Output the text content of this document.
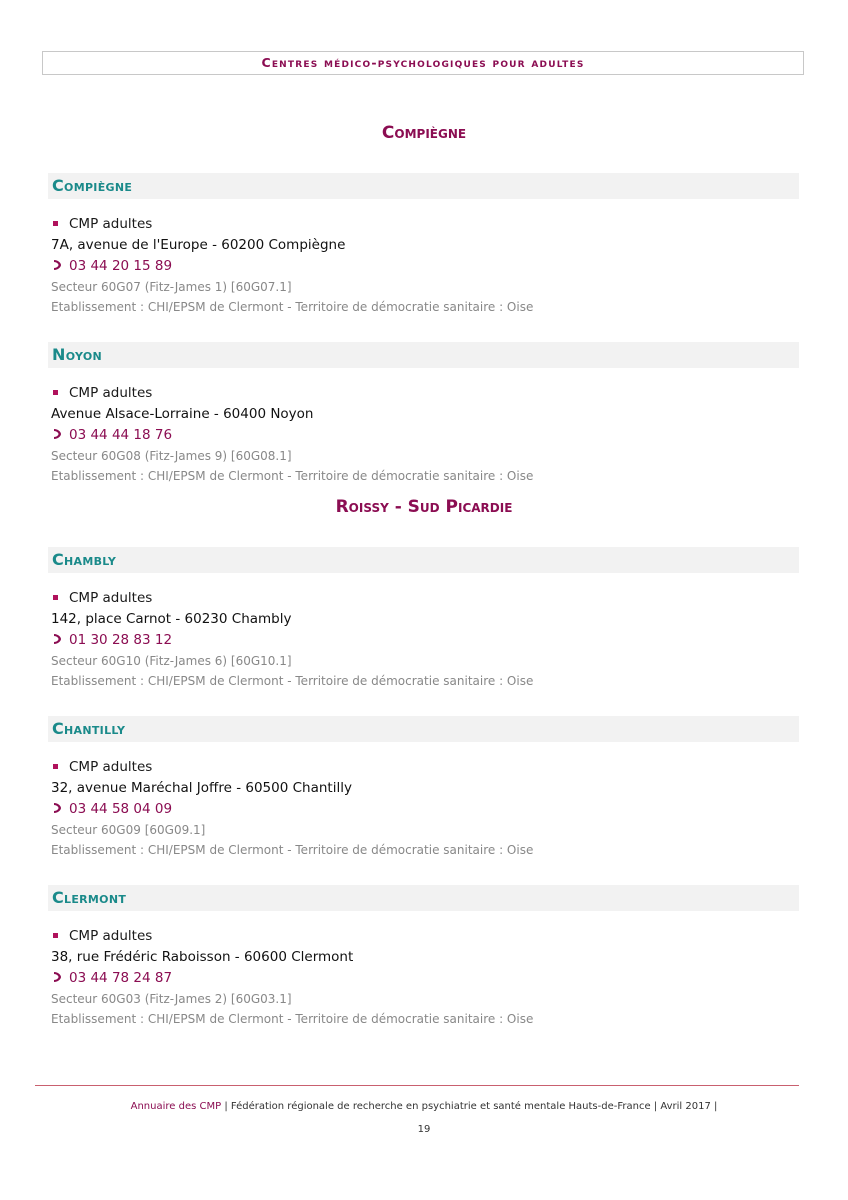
Centres médico-psychologiques pour adultes
Compiègne
Compiègne
CMP adultes
7A, avenue de l'Europe - 60200 Compiègne
03 44 20 15 89
Secteur 60G07 (Fitz-James 1) [60G07.1]
Etablissement : CHI/EPSM de Clermont - Territoire de démocratie sanitaire : Oise
Noyon
CMP adultes
Avenue Alsace-Lorraine - 60400 Noyon
03 44 44 18 76
Secteur 60G08 (Fitz-James 9) [60G08.1]
Etablissement : CHI/EPSM de Clermont - Territoire de démocratie sanitaire : Oise
Roissy - Sud Picardie
Chambly
CMP adultes
142, place Carnot - 60230 Chambly
01 30 28 83 12
Secteur 60G10 (Fitz-James 6) [60G10.1]
Etablissement : CHI/EPSM de Clermont - Territoire de démocratie sanitaire : Oise
Chantilly
CMP adultes
32, avenue Maréchal Joffre - 60500 Chantilly
03 44 58 04 09
Secteur 60G09 [60G09.1]
Etablissement : CHI/EPSM de Clermont - Territoire de démocratie sanitaire : Oise
Clermont
CMP adultes
38, rue Frédéric Raboisson - 60600 Clermont
03 44 78 24 87
Secteur 60G03 (Fitz-James 2) [60G03.1]
Etablissement : CHI/EPSM de Clermont - Territoire de démocratie sanitaire : Oise
Annuaire des CMP | Fédération régionale de recherche en psychiatrie et santé mentale Hauts-de-France | Avril 2017 |
19
